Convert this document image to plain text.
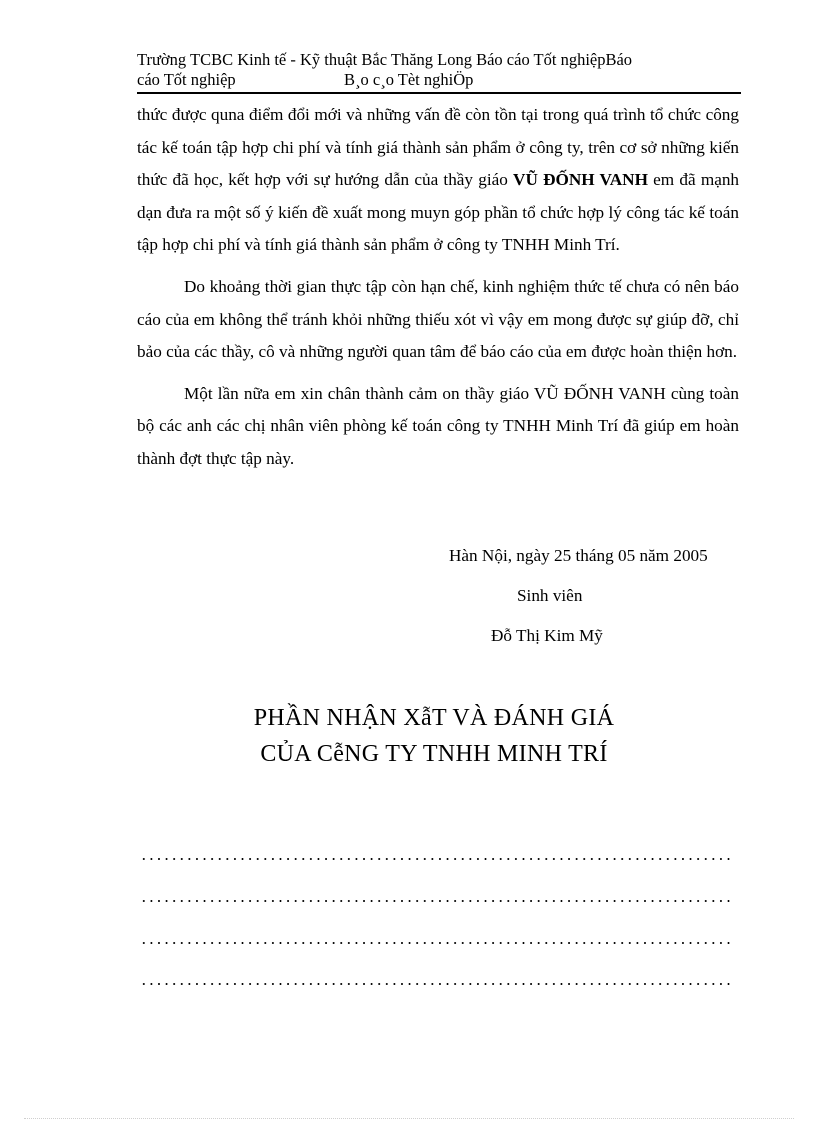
Trường TCBC Kinh tế - Kỹ thuật Bắc Thăng Long Báo cáo Tốt nghiệpBáo
cáo Tốt nghiệp	B¸o c¸o Tèt nghiÖp

thức được quna điểm đổi mới và những vấn đề còn tồn tại trong quá trình tổ chức công tác kế toán tập hợp chi phí và tính giá thành sản phẩm ở công ty, trên cơ sở những kiến thức đã học, kết hợp với sự hướng dẫn của thầy giáo VŨ ĐỐNH VANH em đã mạnh dạn đưa ra một số ý kiến đề xuất mong muyn góp phần tổ chức hợp lý công tác kế toán tập hợp chi phí và tính giá thành sản phẩm ở công ty TNHH Minh Trí.

Do khoảng thời gian thực tập còn hạn chế, kinh nghiệm thức tế chưa có nên báo cáo của em không thể tránh khỏi những thiếu xót vì vậy em mong được sự giúp đỡ, chỉ bảo của các thầy, cô và những người quan tâm để báo cáo của em được hoàn thiện hơn.

Một lần nữa em xin chân thành cảm on thầy giáo VŨ ĐỐNH VANH cùng toàn bộ các anh các chị nhân viên phòng kế toán công ty TNHH Minh Trí đã giúp em hoàn thành đợt thực tập này.

Hàn Nội, ngày 25 tháng 05 năm 2005
Sinh viên
Đỗ Thị Kim Mỹ
PHẦN NHẬN XẫT VÀ ĐÁNH GIÁ
CỦA CễNG TY TNHH MINH TRÍ
